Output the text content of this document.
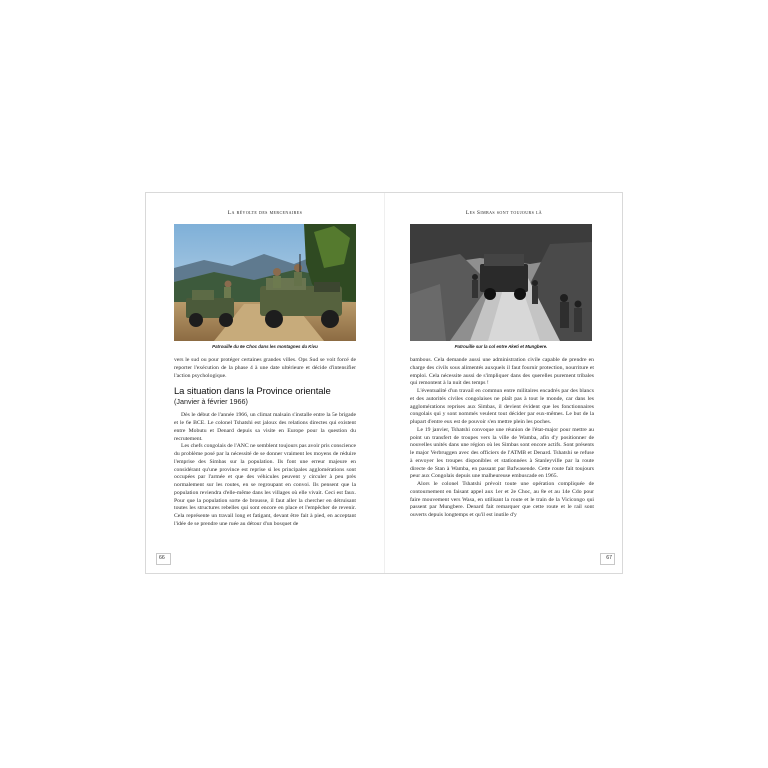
La révolte des mercenaires
Patrouille du 6e Choc dans les montagnes du Kivu

vers le sud ou pour protéger certaines grandes villes. Ops Sud se voit forcé de reporter l'exécution de la phase 4 à une date ultérieure et décide d'intensifier l'action psychologique.

La situation dans la Province orientale
(Janvier à février 1966)

Dès le début de l'année 1966, un climat malsain s'installe entre la 5e brigade et le 6e BCE. Le colonel Tshatshi est jaloux des relations directes qui existent entre Mobutu et Denard depuis sa visite en Europe pour la question du recrutement.

Les chefs congolais de l'ANC ne semblent toujours pas avoir pris conscience du problème posé par la nécessité de se donner vraiment les moyens de réduire l'emprise des Simbas sur la population. Ils font une erreur majeure en considérant qu'une province est reprise si les principales agglomérations sont occupées par l'armée et que des véhicules peuvent y circuler à peu près normalement sur les routes, en se regroupant en convoi. Ils pensent que la population reviendra d'elle-même dans les villages où elle vivait. Ceci est faux. Pour que la population sorte de brousse, il faut aller la chercher en détruisant toutes les structures rebelles qui sont encore en place et l'empêcher de revenir. Cela représente un travail long et fatigant, devant être fait à pied, en acceptant l'idée de se prendre une ruée au détour d'un bosquet de

66
Les Simbas sont toujours là
Patrouille sur la col entre Aketi et Mungbere.

bambous. Cela demande aussi une administration civile capable de prendre en charge des civils sous alimentés auxquels il faut fournir protection, nourriture et emploi. Cela nécessite aussi de s'impliquer dans des querelles purement tribales qui remontent à la nuit des temps !

L'éventualité d'un travail en commun entre militaires encadrés par des blancs et des autorités civiles congolaises ne plaît pas à tout le monde, car dans les agglomérations reprises aux Simbas, il devient évident que les fonctionnaires congolais qui y sont nommés veulent tout décider par eux-mêmes. Le but de la plupart d'entre eux est de pouvoir s'en mettre plein les poches.

Le 19 janvier, Tshatshi convoque une réunion de l'état-major pour mettre au point un transfert de troupes vers la ville de Wamba, afin d'y positionner de nouvelles unités dans une région où les Simbas sont encore actifs. Sont présents le major Verbruggen avec des officiers de l'ATMB et Denard. Tshatshi se refuse à envoyer les troupes disponibles et stationnées à Stanleyville par la route directe de Stan à Wamba, en passant par Bafwasende. Cette route fait toujours peur aux Congolais depuis une malheureuse embuscade en 1965.

Alors le colonel Tshatshi prévoit toute une opération compliquée de contournement en faisant appel aux 1er et 2e Choc, au 8e et au 14e Cdo pour faire mouvement vers Wasa, en utilisant la route et le train de la Vicicongo qui passent par Mungbere. Denard fait remarquer que cette route et le rail sont ouverts depuis longtemps et qu'il est inutile d'y

67
